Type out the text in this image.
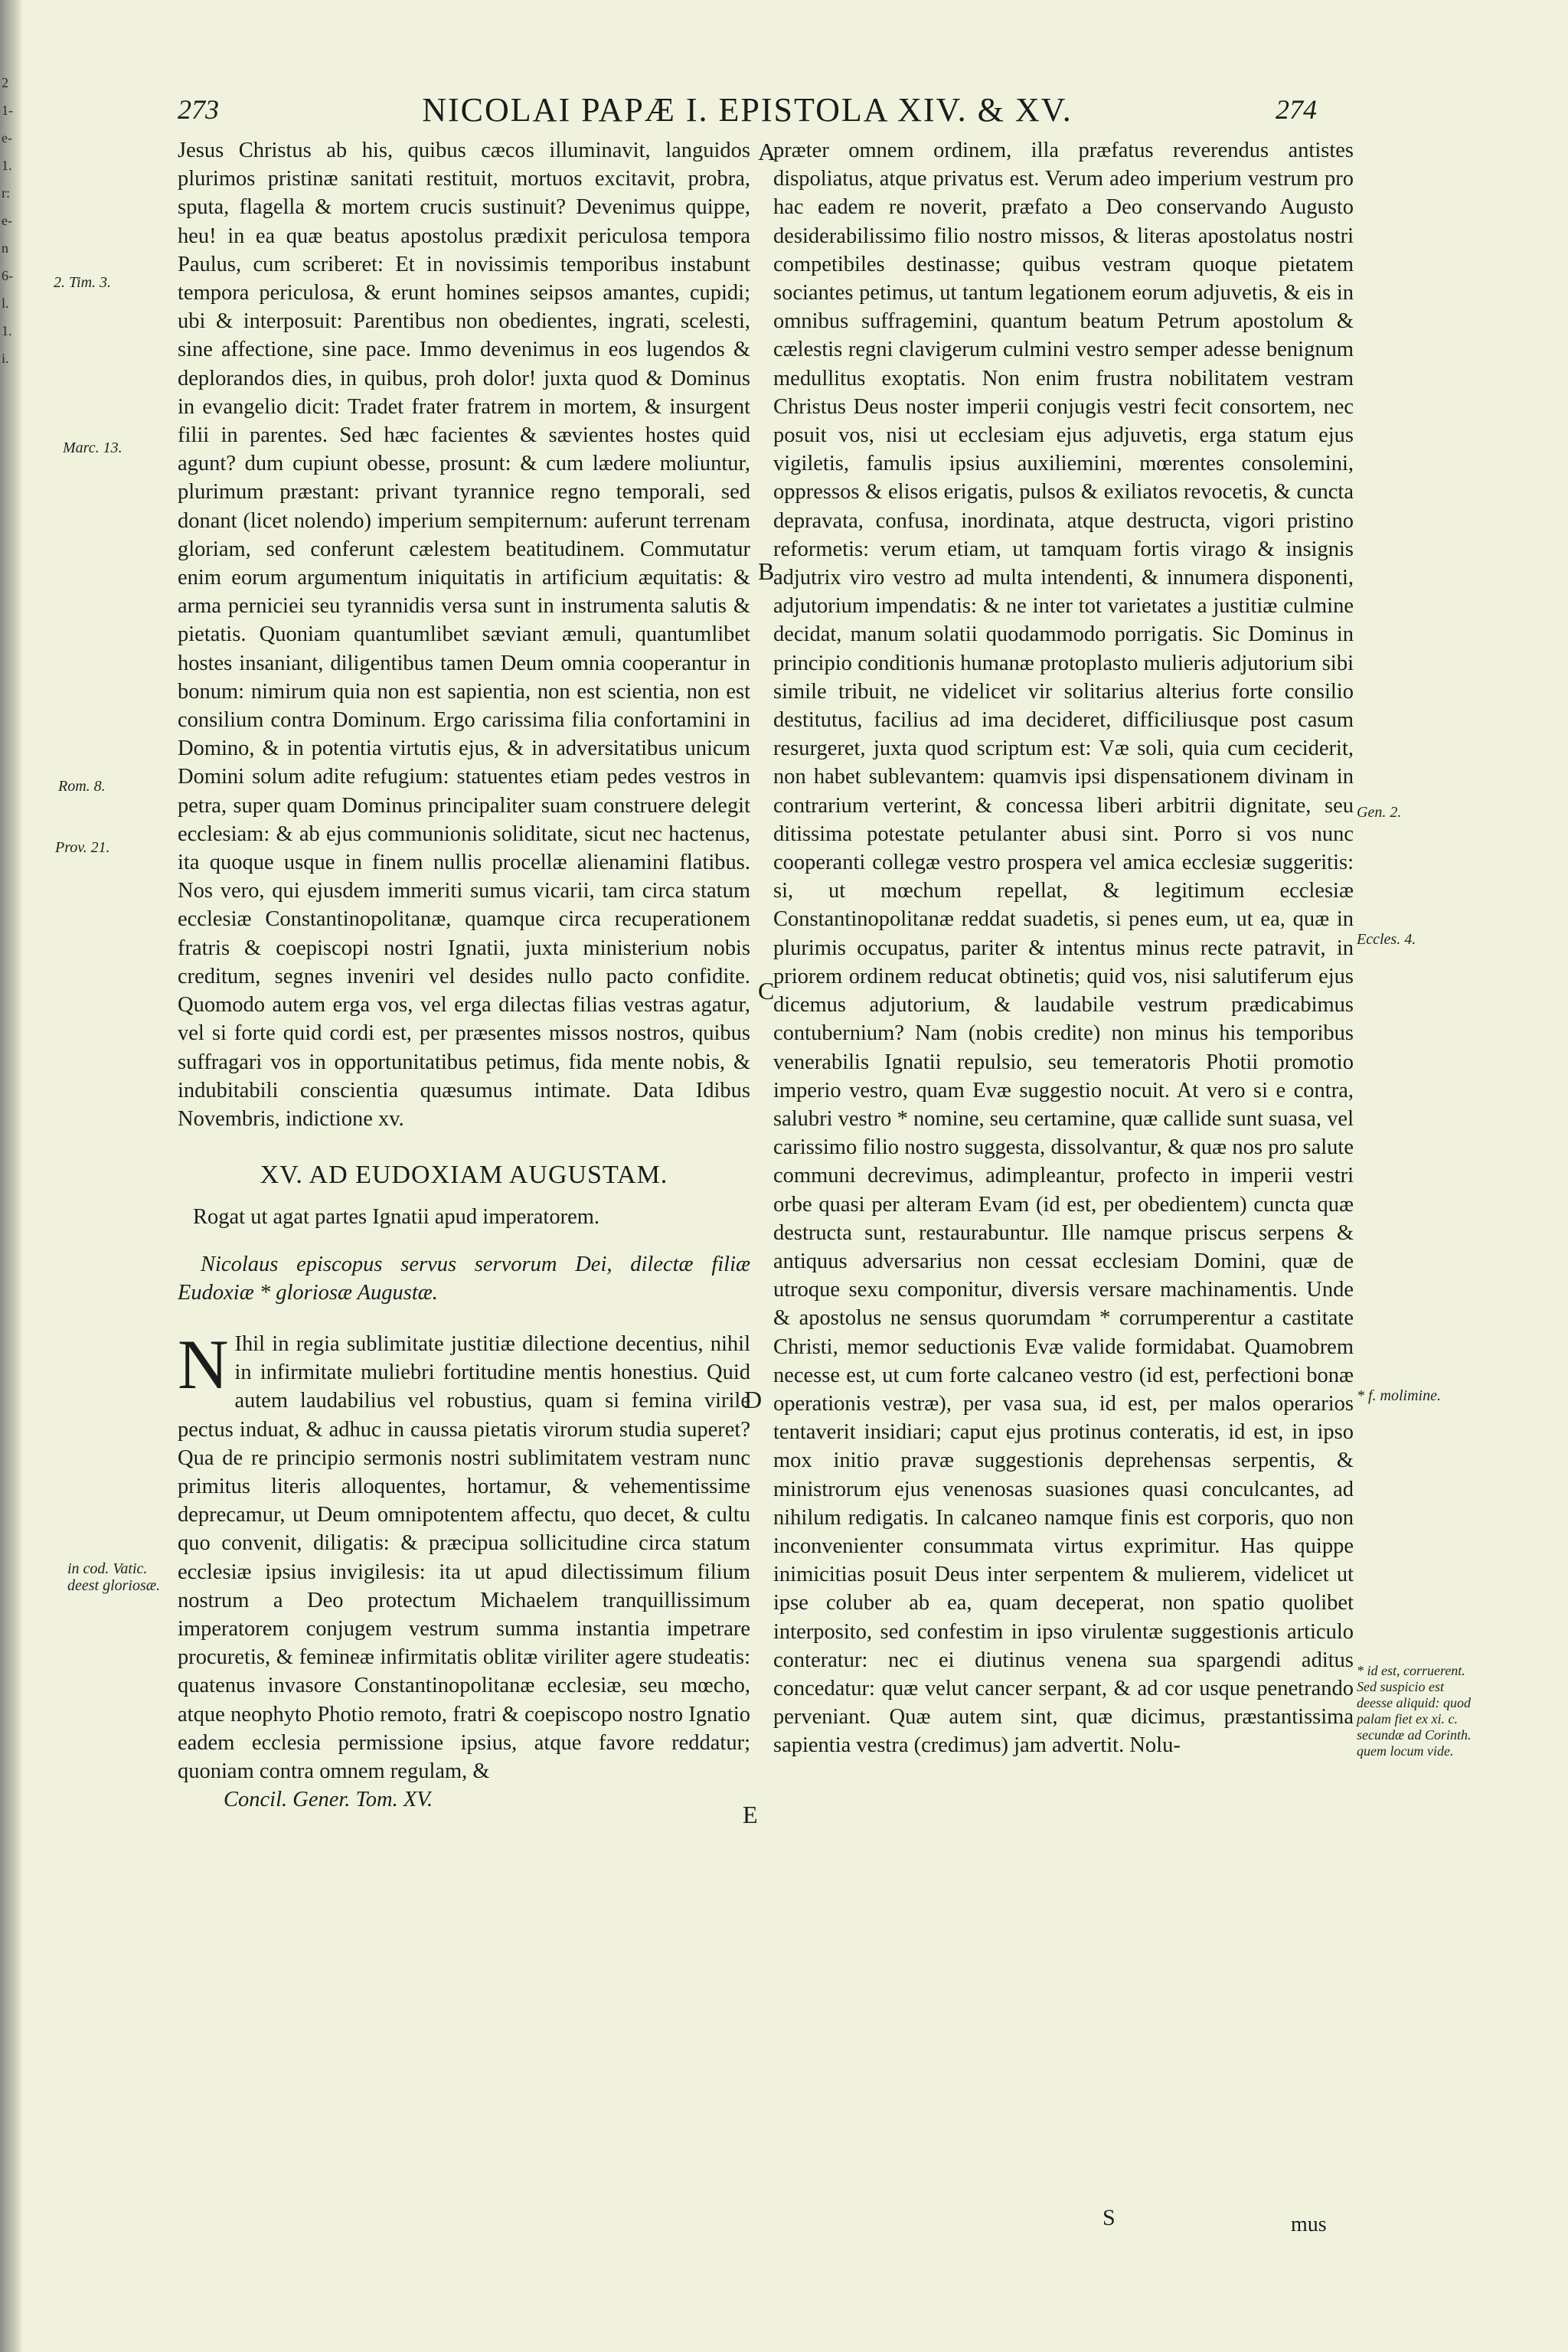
2
1-
e-
1.
r:
e-
n
6-
l.
1.
i.
273	NICOLAI PAPÆ I. EPISTOLA XIV. & XV.	274

Jesus Christus ab his, quibus cæcos illuminavit, languidos plurimos pristinæ sanitati restituit, mortuos excitavit, probra, sputa, flagella & mortem crucis sustinuit? Devenimus quippe, heu! in ea quæ beatus apostolus prædixit periculosa tempora Paulus, cum scriberet: Et in novissimis temporibus instabunt tempora periculosa, & erunt homines seipsos amantes, cupidi; ubi & interposuit: Parentibus non obedientes, ingrati, scelesti, sine affectione, sine pace. Immo devenimus in eos lugendos & deplorandos dies, in quibus, proh dolor! juxta quod & Dominus in evangelio dicit: Tradet frater fratrem in mortem, & insurgent filii in parentes. Sed hæc facientes & sævientes hostes quid agunt? dum cupiunt obesse, prosunt: & cum lædere moliuntur, plurimum præstant: privant tyrannice regno temporali, sed donant (licet nolendo) imperium sempiternum: auferunt terrenam gloriam, sed conferunt cælestem beatitudinem. Commutatur enim eorum argumentum iniquitatis in artificium æquitatis: & arma perniciei seu tyrannidis versa sunt in instrumenta salutis & pietatis. Quoniam quantumlibet sæviant æmuli, quantumlibet hostes insaniant, diligentibus tamen Deum omnia cooperantur in bonum: nimirum quia non est sapientia, non est scientia, non est consilium contra Dominum. Ergo carissima filia confortamini in Domino, & in potentia virtutis ejus, & in adversitatibus unicum Domini solum adite refugium: statuentes etiam pedes vestros in petra, super quam Dominus principaliter suam construere delegit ecclesiam: & ab ejus communionis soliditate, sicut nec hactenus, ita quoque usque in finem nullis procellæ alienamini flatibus. Nos vero, qui ejusdem immeriti sumus vicarii, tam circa statum ecclesiæ Constantinopolitanæ, quamque circa recuperationem fratris & coepiscopi nostri Ignatii, juxta ministerium nobis creditum, segnes inveniri vel desides nullo pacto confidite. Quomodo autem erga vos, vel erga dilectas filias vestras agatur, vel si forte quid cordi est, per præsentes missos nostros, quibus suffragari vos in opportunitatibus petimus, fida mente nobis, & indubitabili conscientia quæsumus intimate. Data Idibus Novembris, indictione xv.

XV. AD EUDOXIAM AUGUSTAM.

Rogat ut agat partes Ignatii apud imperatorem.

Nicolaus episcopus servus servorum Dei, dilectæ filiæ Eudoxiæ * gloriosæ Augustæ.

N Ihil in regia sublimitate justitiæ dilectione decentius, nihil in infirmitate muliebri fortitudine mentis honestius. Quid autem laudabilius vel robustius, quam si femina virile pectus induat, & adhuc in caussa pietatis virorum studia superet? Qua de re principio sermonis nostri sublimitatem vestram nunc primitus literis alloquentes, hortamur, & vehementissime deprecamur, ut Deum omnipotentem affectu, quo decet, & cultu quo convenit, diligatis: & præcipua sollicitudine circa statum ecclesiæ ipsius invigilesis: ita ut apud dilectissimum filium nostrum a Deo protectum Michaelem tranquillissimum imperatorem conjugem vestrum summa instantia impetrare procuretis, & femineæ infirmitatis oblitæ viriliter agere studeatis: quatenus invasore Constantinopolitanæ ecclesiæ, seu mœcho, atque neophyto Photio remoto, fratri & coepiscopo nostro Ignatio eadem ecclesia permissione ipsius, atque favore reddatur; quoniam contra omnem regulam, &

Concil. Gener. Tom. XV.

præter omnem ordinem, illa præfatus reverendus antistes dispoliatus, atque privatus est. Verum adeo imperium vestrum pro hac eadem re noverit, præfato a Deo conservando Augusto desiderabilissimo filio nostro missos, & literas apostolatus nostri competibiles destinasse; quibus vestram quoque pietatem sociantes petimus, ut tantum legationem eorum adjuvetis, & eis in omnibus suffragemini, quantum beatum Petrum apostolum & cælestis regni clavigerum culmini vestro semper adesse benignum medullitus exoptatis. Non enim frustra nobilitatem vestram Christus Deus noster imperii conjugis vestri fecit consortem, nec posuit vos, nisi ut ecclesiam ejus adjuvetis, erga statum ejus vigiletis, famulis ipsius auxiliemini, mœrentes consolemini, oppressos & elisos erigatis, pulsos & exiliatos revocetis, & cuncta depravata, confusa, inordinata, atque destructa, vigori pristino reformetis: verum etiam, ut tamquam fortis virago & insignis adjutrix viro vestro ad multa intendenti, & innumera disponenti, adjutorium impendatis: & ne inter tot varietates a justitiæ culmine decidat, manum solatii quodammodo porrigatis. Sic Dominus in principio conditionis humanæ protoplasto mulieris adjutorium sibi simile tribuit, ne videlicet vir solitarius alterius forte consilio destitutus, facilius ad ima decideret, difficiliusque post casum resurgeret, juxta quod scriptum est: Væ soli, quia cum ceciderit, non habet sublevantem: quamvis ipsi dispensationem divinam in contrarium verterint, & concessa liberi arbitrii dignitate, seu ditissima potestate petulanter abusi sint. Porro si vos nunc cooperanti collegæ vestro prospera vel amica ecclesiæ suggeritis: si, ut mœchum repellat, & legitimum ecclesiæ Constantinopolitanæ reddat suadetis, si penes eum, ut ea, quæ in plurimis occupatus, pariter & intentus minus recte patravit, in priorem ordinem reducat obtinetis; quid vos, nisi salutiferum ejus dicemus adjutorium, & laudabile vestrum prædicabimus contubernium? Nam (nobis credite) non minus his temporibus venerabilis Ignatii repulsio, seu temeratoris Photii promotio imperio vestro, quam Evæ suggestio nocuit. At vero si e contra, salubri vestro * nomine, seu certamine, quæ callide sunt suasa, vel carissimo filio nostro suggesta, dissolvantur, & quæ nos pro salute communi decrevimus, adimpleantur, profecto in imperii vestri orbe quasi per alteram Evam (id est, per obedientem) cuncta quæ destructa sunt, restaurabuntur. Ille namque priscus serpens & antiquus adversarius non cessat ecclesiam Domini, quæ de utroque sexu componitur, diversis versare machinamentis. Unde & apostolus ne sensus quorumdam * corrumperentur a castitate Christi, memor seductionis Evæ valide formidabat. Quamobrem necesse est, ut cum forte calcaneo vestro (id est, perfectioni bonæ operationis vestræ), per vasa sua, id est, per malos operarios tentaverit insidiari; caput ejus protinus conteratis, id est, in ipso mox initio pravæ suggestionis deprehensas serpentis, & ministrorum ejus venenosas suasiones quasi conculcantes, ad nihilum redigatis. In calcaneo namque finis est corporis, quo non inconvenienter consummata virtus exprimitur. Has quippe inimicitias posuit Deus inter serpentem & mulierem, videlicet ut ipse coluber ab ea, quam deceperat, non spatio quolibet interposito, sed confestim in ipso virulentæ suggestionis articulo conteratur: nec ei diutinus venena sua spargendi aditus concedatur: quæ velut cancer serpant, & ad cor usque penetrando perveniant. Quæ autem sint, quæ dicimus, præstantissima sapientia vestra (credimus) jam advertit. Nolu-

S	mus
A
B
C
D
E
2. Tim. 3.
Marc. 13.
Rom. 8.
Prov. 21.
in cod. Vatic. deest gloriosæ.
Gen. 2.
Eccles. 4.
* f. molimine.
* id est, corruerent. Sed suspicio est deesse aliquid: quod palam fiet ex xi. c. secundæ ad Corinth. quem locum vide.
